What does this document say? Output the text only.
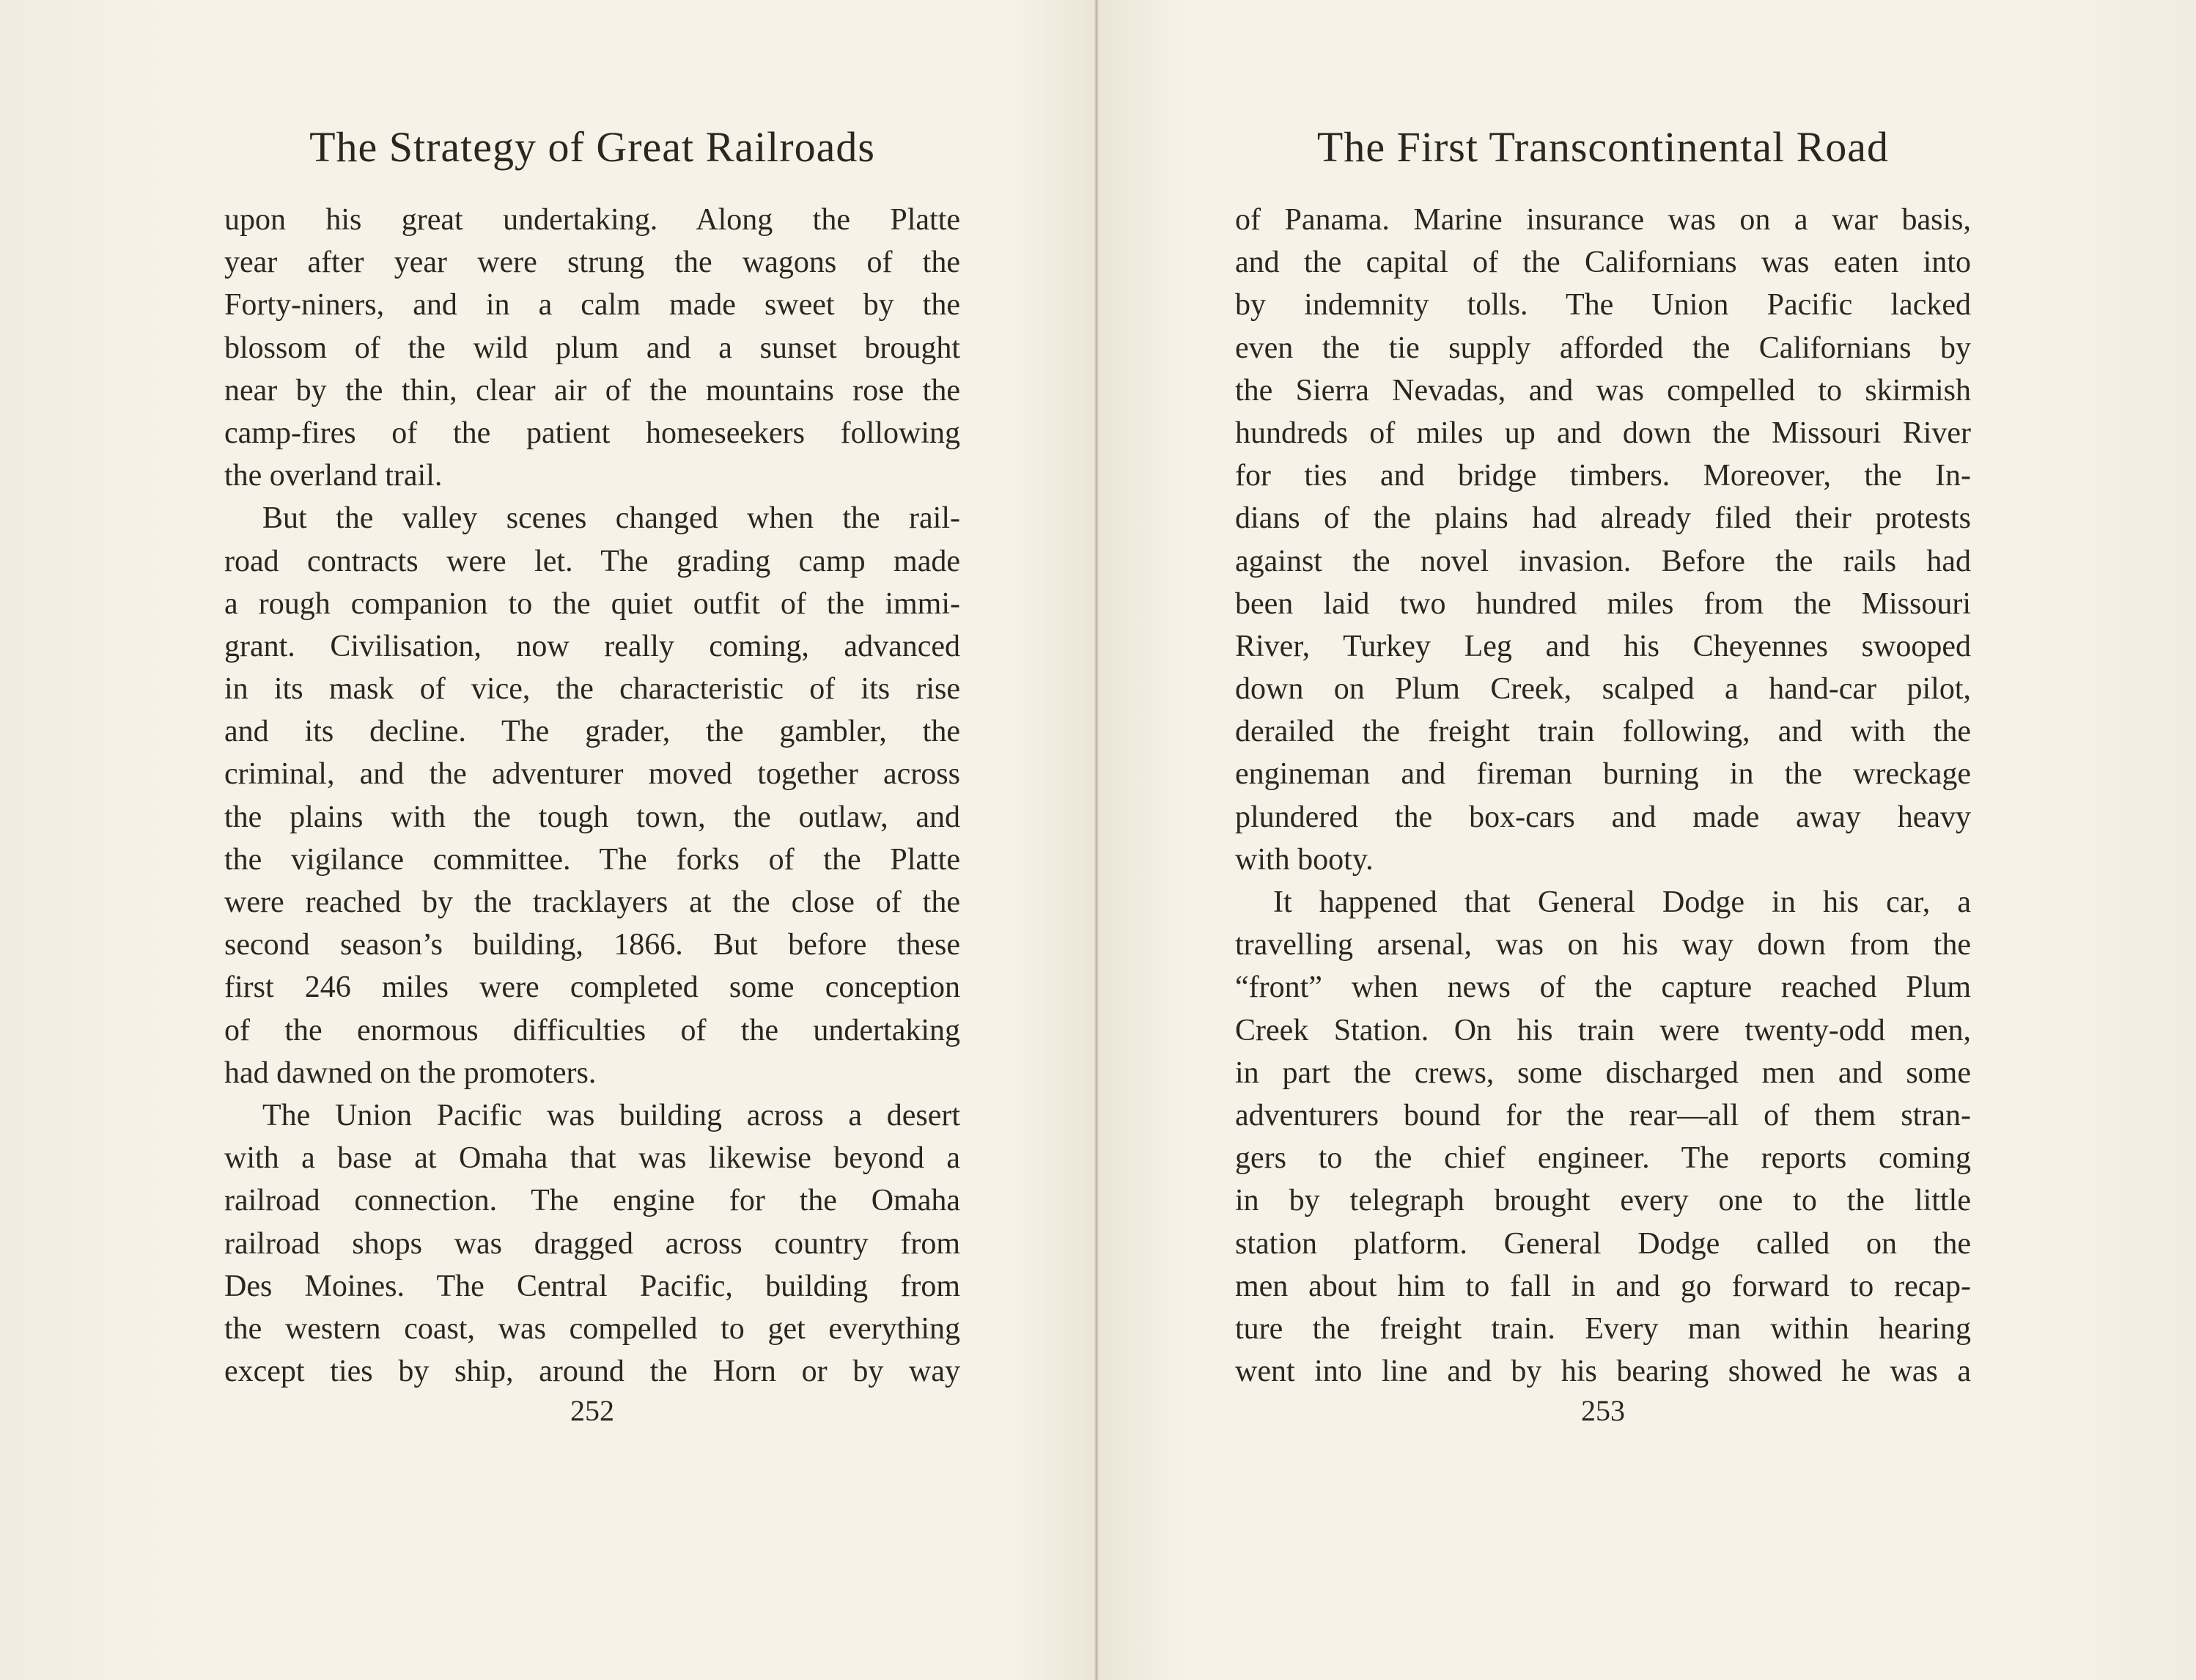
The Strategy of Great Railroads
upon his great undertaking. Along the Platte
year after year were strung the wagons of the
Forty-niners, and in a calm made sweet by the
blossom of the wild plum and a sunset brought
near by the thin, clear air of the mountains rose the
camp-fires of the patient homeseekers following
the overland trail.
But the valley scenes changed when the rail-
road contracts were let. The grading camp made
a rough companion to the quiet outfit of the immi-
grant. Civilisation, now really coming, advanced
in its mask of vice, the characteristic of its rise
and its decline. The grader, the gambler, the
criminal, and the adventurer moved together across
the plains with the tough town, the outlaw, and
the vigilance committee. The forks of the Platte
were reached by the tracklayers at the close of the
second season’s building, 1866. But before these
first 246 miles were completed some conception
of the enormous difficulties of the undertaking
had dawned on the promoters.
The Union Pacific was building across a desert
with a base at Omaha that was likewise beyond a
railroad connection. The engine for the Omaha
railroad shops was dragged across country from
Des Moines. The Central Pacific, building from
the western coast, was compelled to get everything
except ties by ship, around the Horn or by way
252
The First Transcontinental Road
of Panama. Marine insurance was on a war basis,
and the capital of the Californians was eaten into
by indemnity tolls. The Union Pacific lacked
even the tie supply afforded the Californians by
the Sierra Nevadas, and was compelled to skirmish
hundreds of miles up and down the Missouri River
for ties and bridge timbers. Moreover, the In-
dians of the plains had already filed their protests
against the novel invasion. Before the rails had
been laid two hundred miles from the Missouri
River, Turkey Leg and his Cheyennes swooped
down on Plum Creek, scalped a hand-car pilot,
derailed the freight train following, and with the
engineman and fireman burning in the wreckage
plundered the box-cars and made away heavy
with booty.
It happened that General Dodge in his car, a
travelling arsenal, was on his way down from the
“front” when news of the capture reached Plum
Creek Station. On his train were twenty-odd men,
in part the crews, some discharged men and some
adventurers bound for the rear—all of them stran-
gers to the chief engineer. The reports coming
in by telegraph brought every one to the little
station platform. General Dodge called on the
men about him to fall in and go forward to recap-
ture the freight train. Every man within hearing
went into line and by his bearing showed he was a
253
